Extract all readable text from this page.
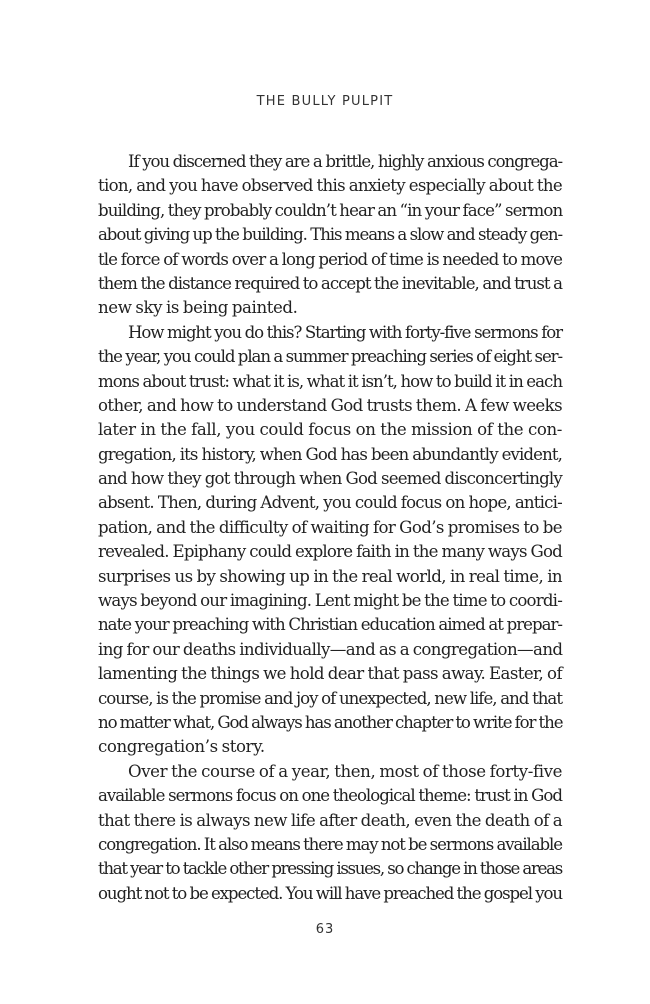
THE BULLY PULPIT
If you discerned they are a brittle, highly anxious congrega-
tion, and you have observed this anxiety especially about the
building, they probably couldn’t hear an “in your face” sermon
about giving up the building. This means a slow and steady gen-
tle force of words over a long period of time is needed to move
them the distance required to accept the inevitable, and trust a
new sky is being painted.
How might you do this? Starting with forty-five sermons for
the year, you could plan a summer preaching series of eight ser-
mons about trust: what it is, what it isn’t, how to build it in each
other, and how to understand God trusts them. A few weeks
later in the fall, you could focus on the mission of the con-
gregation, its history, when God has been abundantly evident,
and how they got through when God seemed disconcertingly
absent. Then, during Advent, you could focus on hope, antici-
pation, and the difficulty of waiting for God’s promises to be
revealed. Epiphany could explore faith in the many ways God
surprises us by showing up in the real world, in real time, in
ways beyond our imagining. Lent might be the time to coordi-
nate your preaching with Christian education aimed at prepar-
ing for our deaths individually—and as a congregation—and
lamenting the things we hold dear that pass away. Easter, of
course, is the promise and joy of unexpected, new life, and that
no matter what, God always has another chapter to write for the
congregation’s story.
Over the course of a year, then, most of those forty-five
available sermons focus on one theological theme: trust in God
that there is always new life after death, even the death of a
congregation. It also means there may not be sermons available
that year to tackle other pressing issues, so change in those areas
ought not to be expected. You will have preached the gospel you
63
